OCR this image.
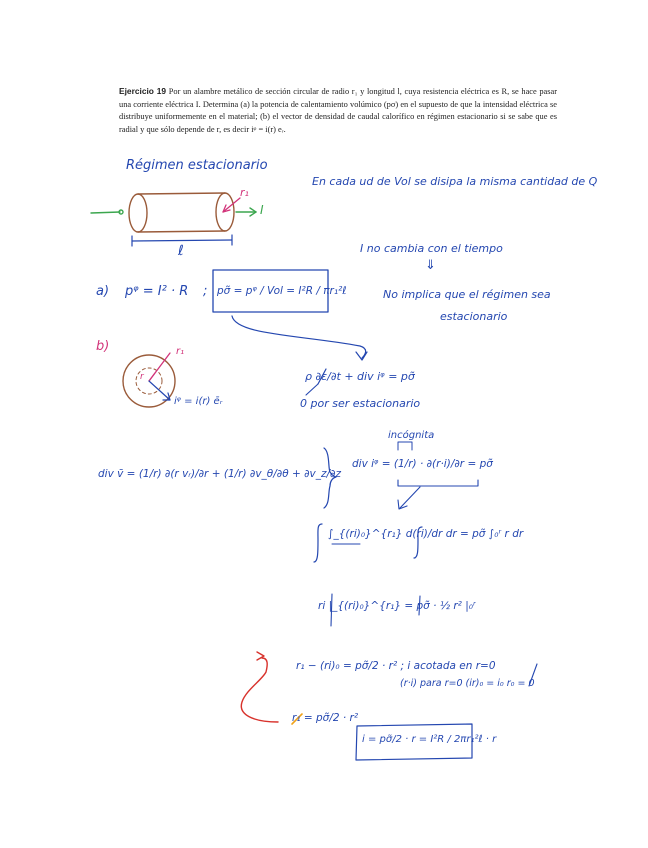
Ejercicio 19 Por un alambre metálico de sección circular de radio r₁ y longitud l, cuya resistencia eléctrica es R, se hace pasar una corriente eléctrica I. Determina (a) la potencia de calentamiento volúmico (pσ) en el supuesto de que la intensidad eléctrica se distribuye uniformemente en el material; (b) el vector de densidad de caudal calorífico en régimen estacionario si se sabe que es radial y que sólo depende de r, es decir iᵠ = i(r) eᵣ.
Régimen estacionario
En cada ud de Vol se disipa la misma cantidad de Q
r₁
I
ℓ	I no cambia con el tiempo
⇓
No implica que el régimen sea
estacionario
a) pᵠ = I² · R ; pσ̃ = pᵠ / Vol = I²R / πr₁²ℓ
ρ ∂ε/∂t + div iᵠ = pσ̃
0 por ser estacionario
b)	r₁
r
iᵠ = i(r) ēᵣ
div v̄ = (1/r) ∂(r vᵣ)/∂r + (1/r) ∂v_θ/∂θ + ∂v_z/∂z
incógnita
div iᵠ = (1/r) · ∂(r·i)/∂r = pσ̃
∫_{(ri)₀}^{r₁} d(ri)/dr dr = pσ̃ ∫₀ʳ r dr
ri |_{(ri)₀}^{r₁} = pσ̃ · ½ r² |₀ʳ
r₁ − (ri)₀ = pσ̃/2 · r² ; i acotada en r=0
(r·i) para r=0 (ir)₀ = i₀ r₀ = 0
r₁ = pσ̃/2 · r²
i = pσ̃/2 · r = I²R / 2πr₁²ℓ · r
